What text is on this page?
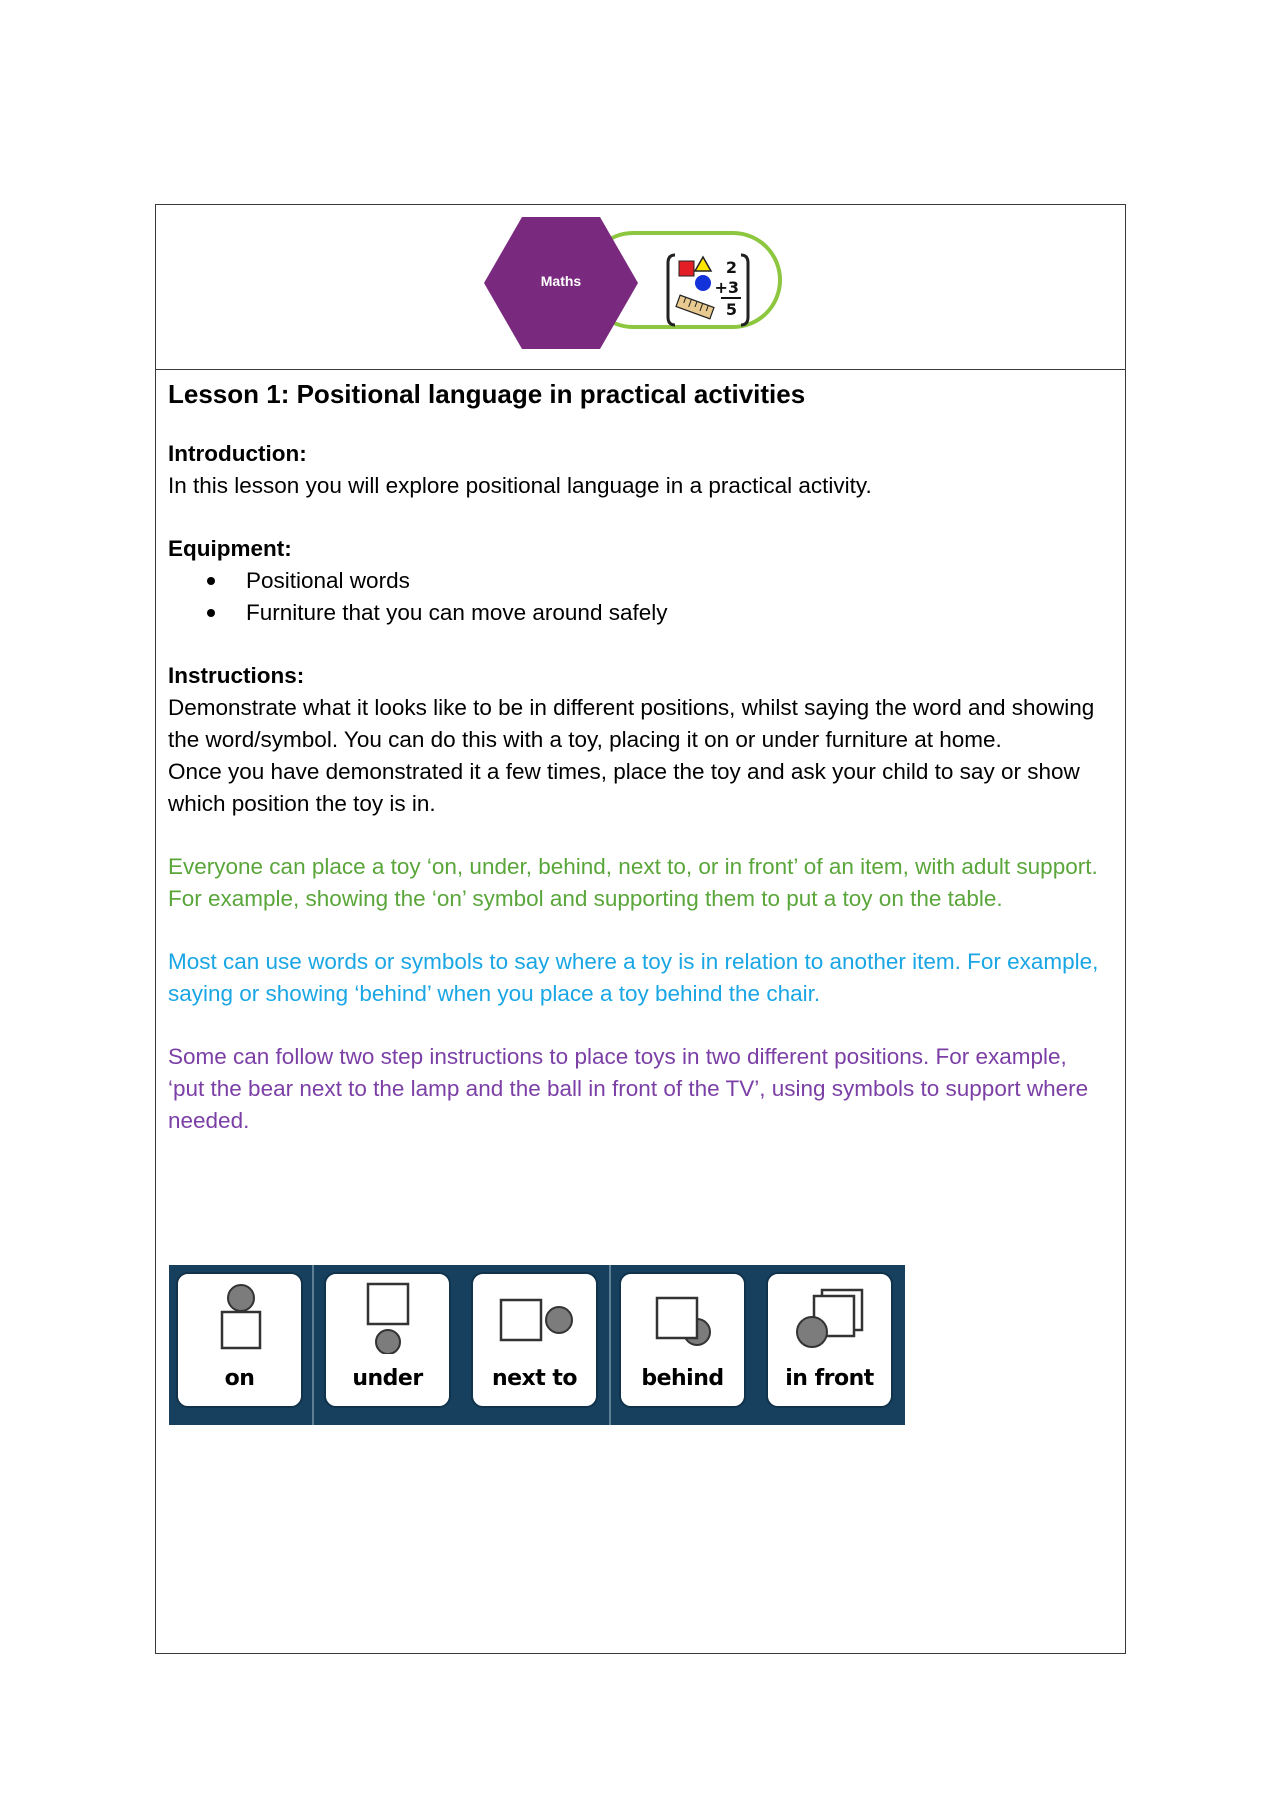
Maths
2
+3
5
Lesson 1: Positional language in practical activities

Introduction:

In this lesson you will explore positional language in a practical activity.

Equipment:

Positional words
Furniture that you can move around safely

Instructions:

Demonstrate what it looks like to be in different positions, whilst saying the word and showing the word/symbol. You can do this with a toy, placing it on or under furniture at home.

Once you have demonstrated it a few times, place the toy and ask your child to say or show which position the toy is in.

Everyone can place a toy ‘on, under, behind, next to, or in front’ of an item, with adult support. For example, showing the ‘on’ symbol and supporting them to put a toy on the table.

Most can use words or symbols to say where a toy is in relation to another item. For example, saying or showing ‘behind’ when you place a toy behind the chair.

Some can follow two step instructions to place toys in two different positions. For example, ‘put the bear next to the lamp and the ball in front of the TV’, using symbols to support where needed.

on	under	next to	behind	in front
